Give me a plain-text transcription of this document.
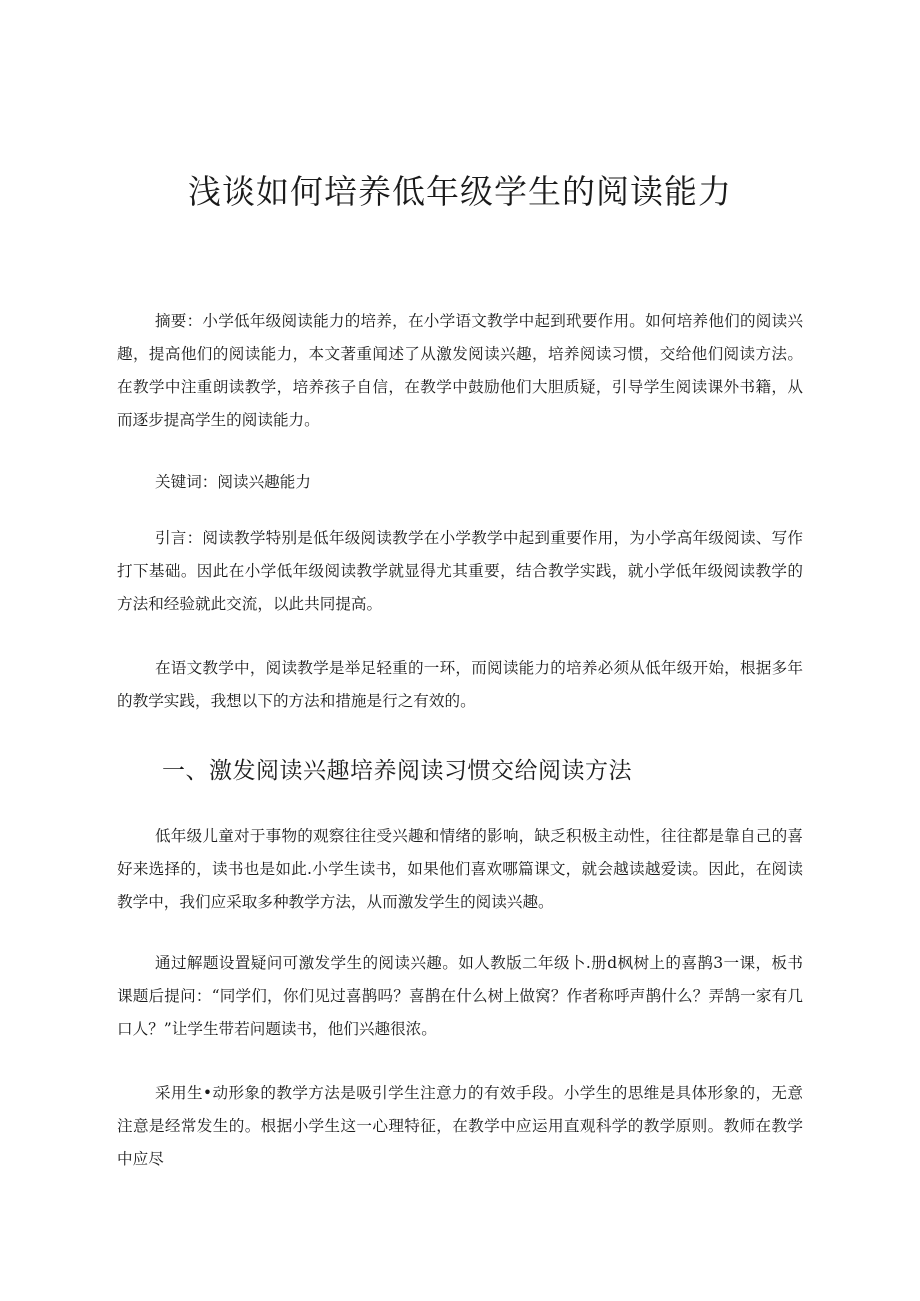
浅谈如何培养低年级学生的阅读能力

摘要：小学低年级阅读能力的培养，在小学语文教学中起到玳要作用。如何培养他们的阅读兴趣，提高他们的阅读能力，本文著重闻述了从激发阅读兴趣，培养阅读习惯，交给他们阅读方法。在教学中注重朗读教学，培养孩子自信，在教学中鼓励他们大胆质疑，引导学生阅读课外书籍，从而逐步提高学生的阅读能力。

关键词：阅读兴趣能力

引言：阅读教学特别是低年级阅读教学在小学教学中起到重要作用，为小学高年级阅读、写作打下基础。因此在小学低年级阅读教学就显得尤其重要，结合教学实践，就小学低年级阅读教学的方法和经验就此交流，以此共同提高。

在语文教学中，阅读教学是举足轻重的一环，而阅读能力的培养必须从低年级开始，根据多年的教学实践，我想以下的方法和措施是行之有效的。

一、激发阅读兴趣培养阅读习惯交给阅读方法

低年级儿童对于事物的观察往往受兴趣和情绪的影响，缺乏积极主动性，往往都是靠自己的喜好来选择的，读书也是如此.小学生读书，如果他们喜欢哪篇课文，就会越读越爱读。因此，在阅读教学中，我们应采取多种教学方法，从而激发学生的阅读兴趣。

通过解题设置疑问可激发学生的阅读兴趣。如人教版二年级卜.册d枫树上的喜鹊3一课，板书课题后提问：“同学们，你们见过喜鹊吗？喜鹊在什么树上做窝？作者称呼声鹊什么？弄鹄一家有几口人？”让学生带若问题读书，他们兴趣很浓。

采用生•动形象的教学方法是吸引学生注意力的有效手段。小学生的思维是具体形象的，无意注意是经常发生的。根据小学生这一心理特征，在教学中应运用直观科学的教学原则。教师在教学中应尽
